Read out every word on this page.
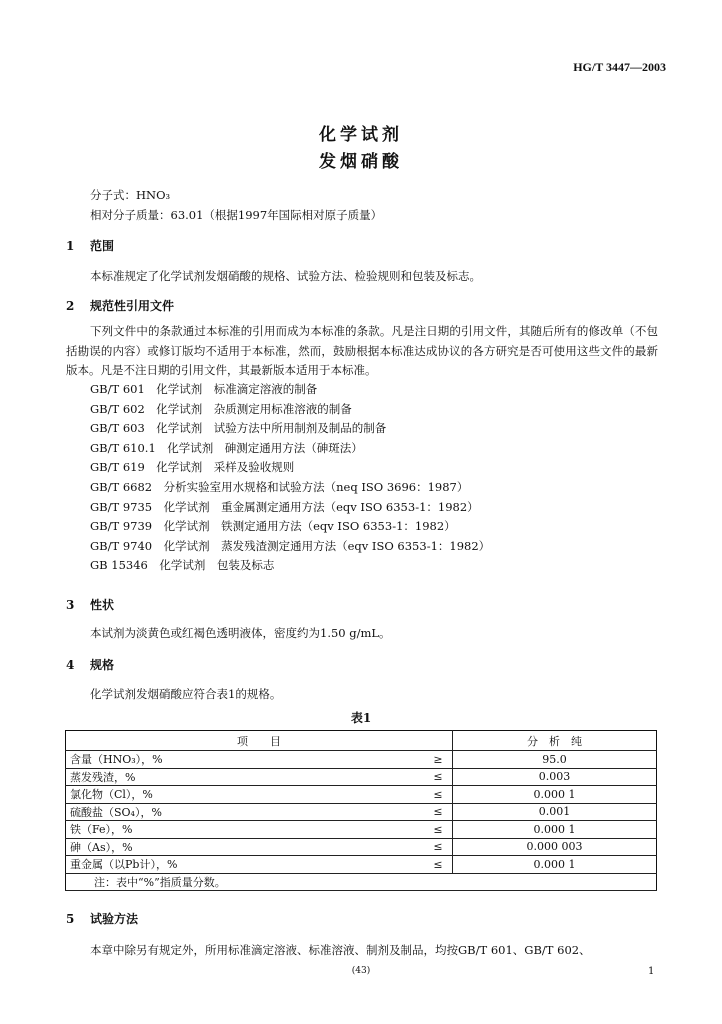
HG/T 3447—2003
化学试剂
发烟硝酸
分子式：HNO₃
相对分子质量：63.01（根据1997年国际相对原子质量）
1 范围
本标准规定了化学试剂发烟硝酸的规格、试验方法、检验规则和包装及标志。
2 规范性引用文件
下列文件中的条款通过本标准的引用而成为本标准的条款。凡是注日期的引用文件，其随后所有的修改单（不包括勘误的内容）或修订版均不适用于本标准，然而，鼓励根据本标准达成协议的各方研究是否可使用这些文件的最新版本。凡是不注日期的引用文件，其最新版本适用于本标准。
GB/T 601　化学试剂　标准滴定溶液的制备
GB/T 602　化学试剂　杂质测定用标准溶液的制备
GB/T 603　化学试剂　试验方法中所用制剂及制品的制备
GB/T 610.1　化学试剂　砷测定通用方法（砷斑法）
GB/T 619　化学试剂　采样及验收规则
GB/T 6682　分析实验室用水规格和试验方法（neq ISO 3696：1987）
GB/T 9735　化学试剂　重金属测定通用方法（eqv ISO 6353-1：1982）
GB/T 9739　化学试剂　铁测定通用方法（eqv ISO 6353-1：1982）
GB/T 9740　化学试剂　蒸发残渣测定通用方法（eqv ISO 6353-1：1982）
GB 15346　化学试剂　包装及标志
3 性状
本试剂为淡黄色或红褐色透明液体，密度约为1.50 g/mL。
4 规格
化学试剂发烟硝酸应符合表1的规格。
表1
项　　目		分　析　纯
含量（HNO₃），%	≥	95.0
蒸发残渣，%	≤	0.003
氯化物（Cl），%	≤	0.000 1
硫酸盐（SO₄），%	≤	0.001
铁（Fe），%	≤	0.000 1
砷（As），%	≤	0.000 003
重金属（以Pb计），%	≤	0.000 1
注：表中“%”指质量分数。		
5 试验方法
本章中除另有规定外，所用标准滴定溶液、标准溶液、制剂及制品，均按GB/T 601、GB/T 602、
(43)	1
